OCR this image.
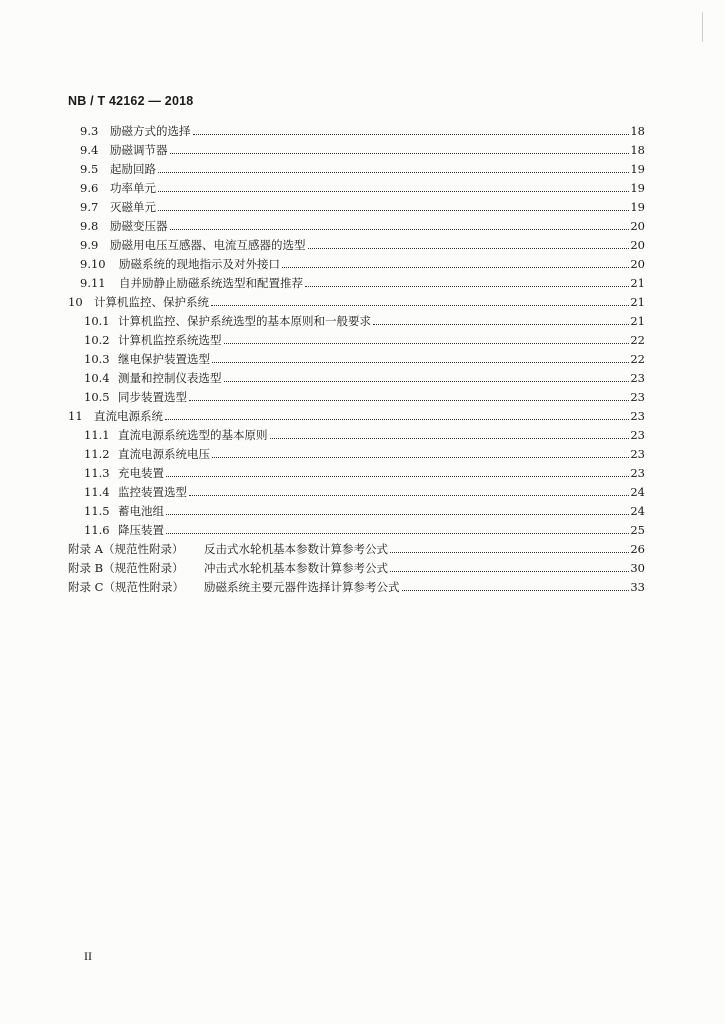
NB / T 42162 — 2018
9.3	励磁方式的选择	18
9.4	励磁调节器	18
9.5	起励回路	19
9.6	功率单元	19
9.7	灭磁单元	19
9.8	励磁变压器	20
9.9	励磁用电压互感器、电流互感器的选型	20
9.10	励磁系统的现地指示及对外接口	20
9.11	自并励静止励磁系统选型和配置推荐	21
10 计算机监控、保护系统	21
10.1 计算机监控、保护系统选型的基本原则和一般要求	21
10.2 计算机监控系统选型	22
10.3 继电保护装置选型	22
10.4 测量和控制仪表选型	23
10.5 同步装置选型	23
11 直流电源系统	23
11.1 直流电源系统选型的基本原则	23
11.2 直流电源系统电压	23
11.3 充电装置	23
11.4 监控装置选型	24
11.5 蓄电池组	24
11.6 降压装置	25
附录 A（规范性附录）	反击式水轮机基本参数计算参考公式	26
附录 B（规范性附录）	冲击式水轮机基本参数计算参考公式	30
附录 C（规范性附录）	励磁系统主要元器件选择计算参考公式	33
II
